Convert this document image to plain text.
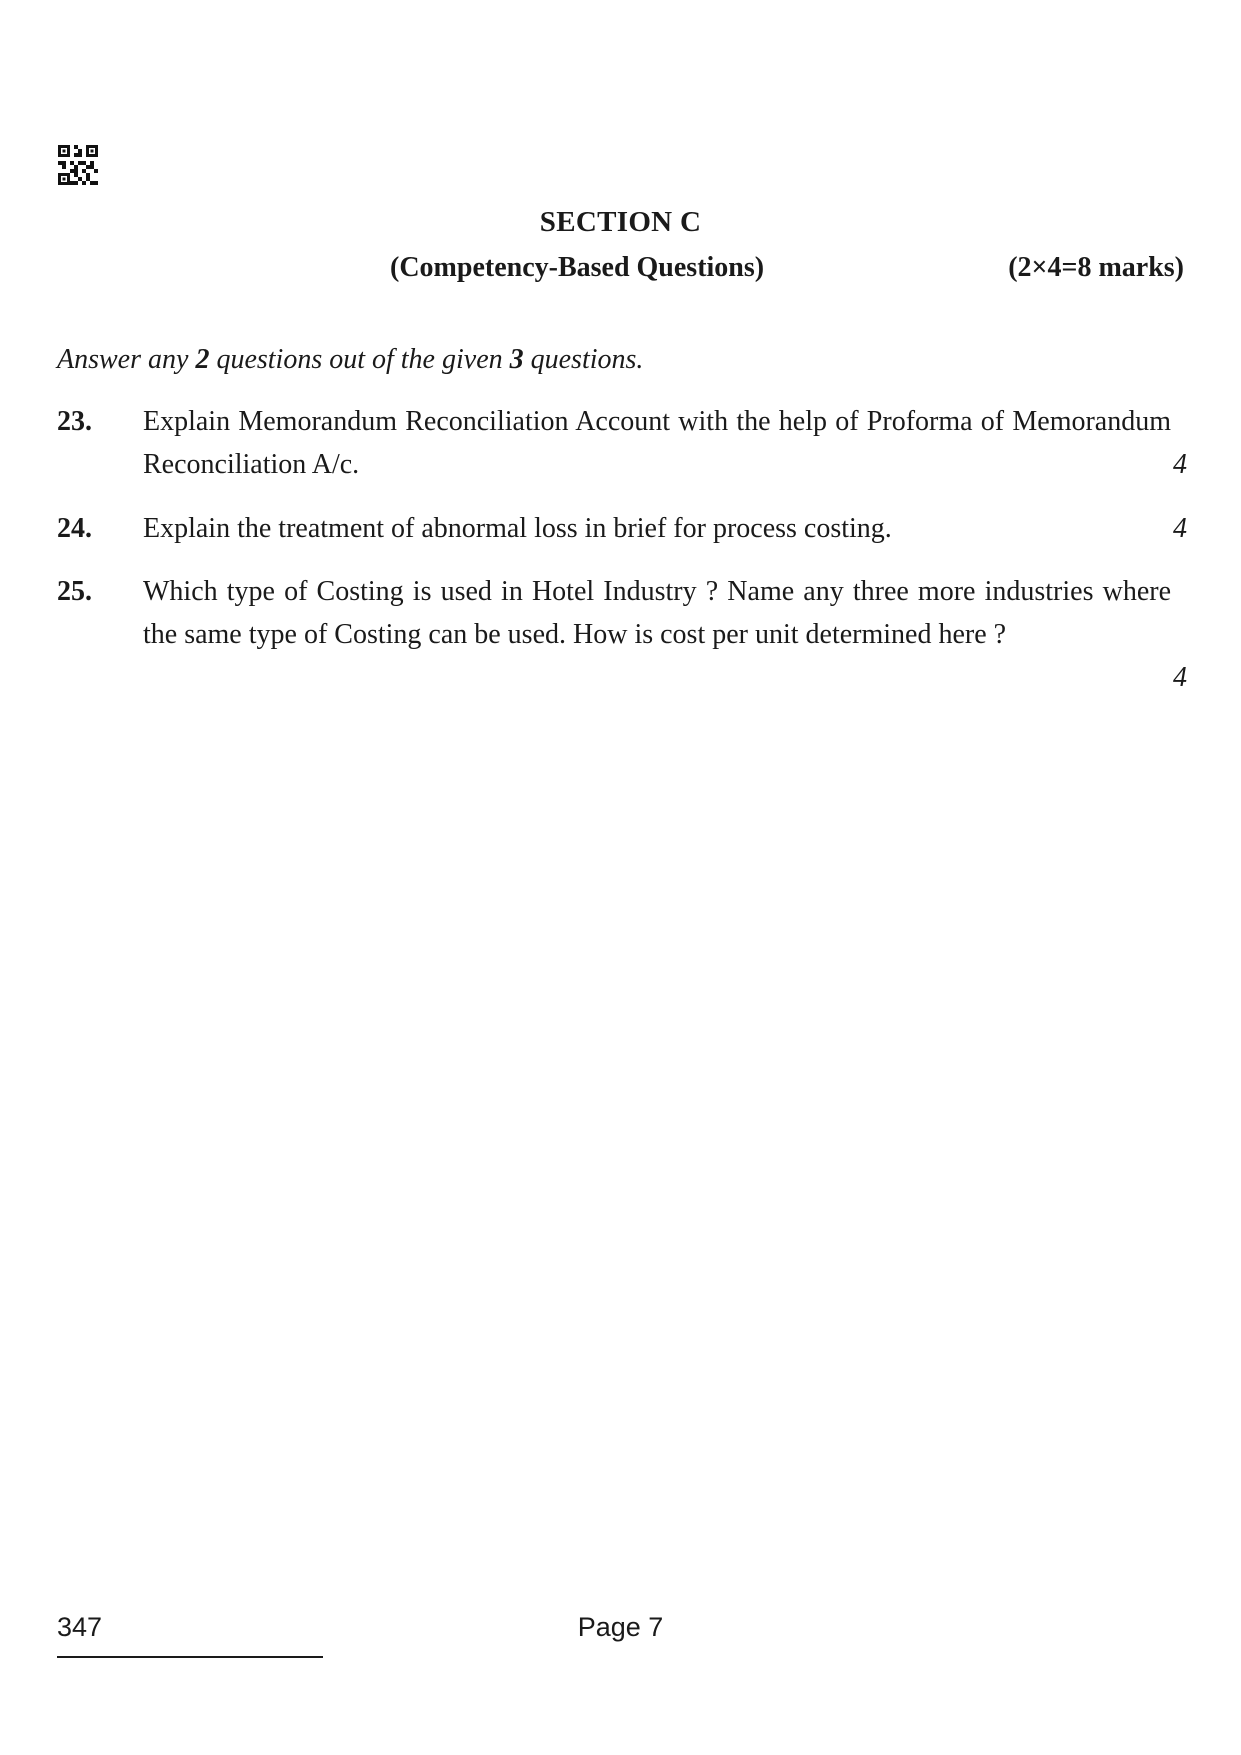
SECTION C
(Competency-Based Questions)	(2×4=8 marks)
Answer any 2 questions out of the given 3 questions.
23. Explain Memorandum Reconciliation Account with the help of Proforma of Memorandum Reconciliation A/c.	4
24. Explain the treatment of abnormal loss in brief for process costing.	4
25. Which type of Costing is used in Hotel Industry ? Name any three more industries where the same type of Costing can be used. How is cost per unit determined here ?
4
347	Page 7
